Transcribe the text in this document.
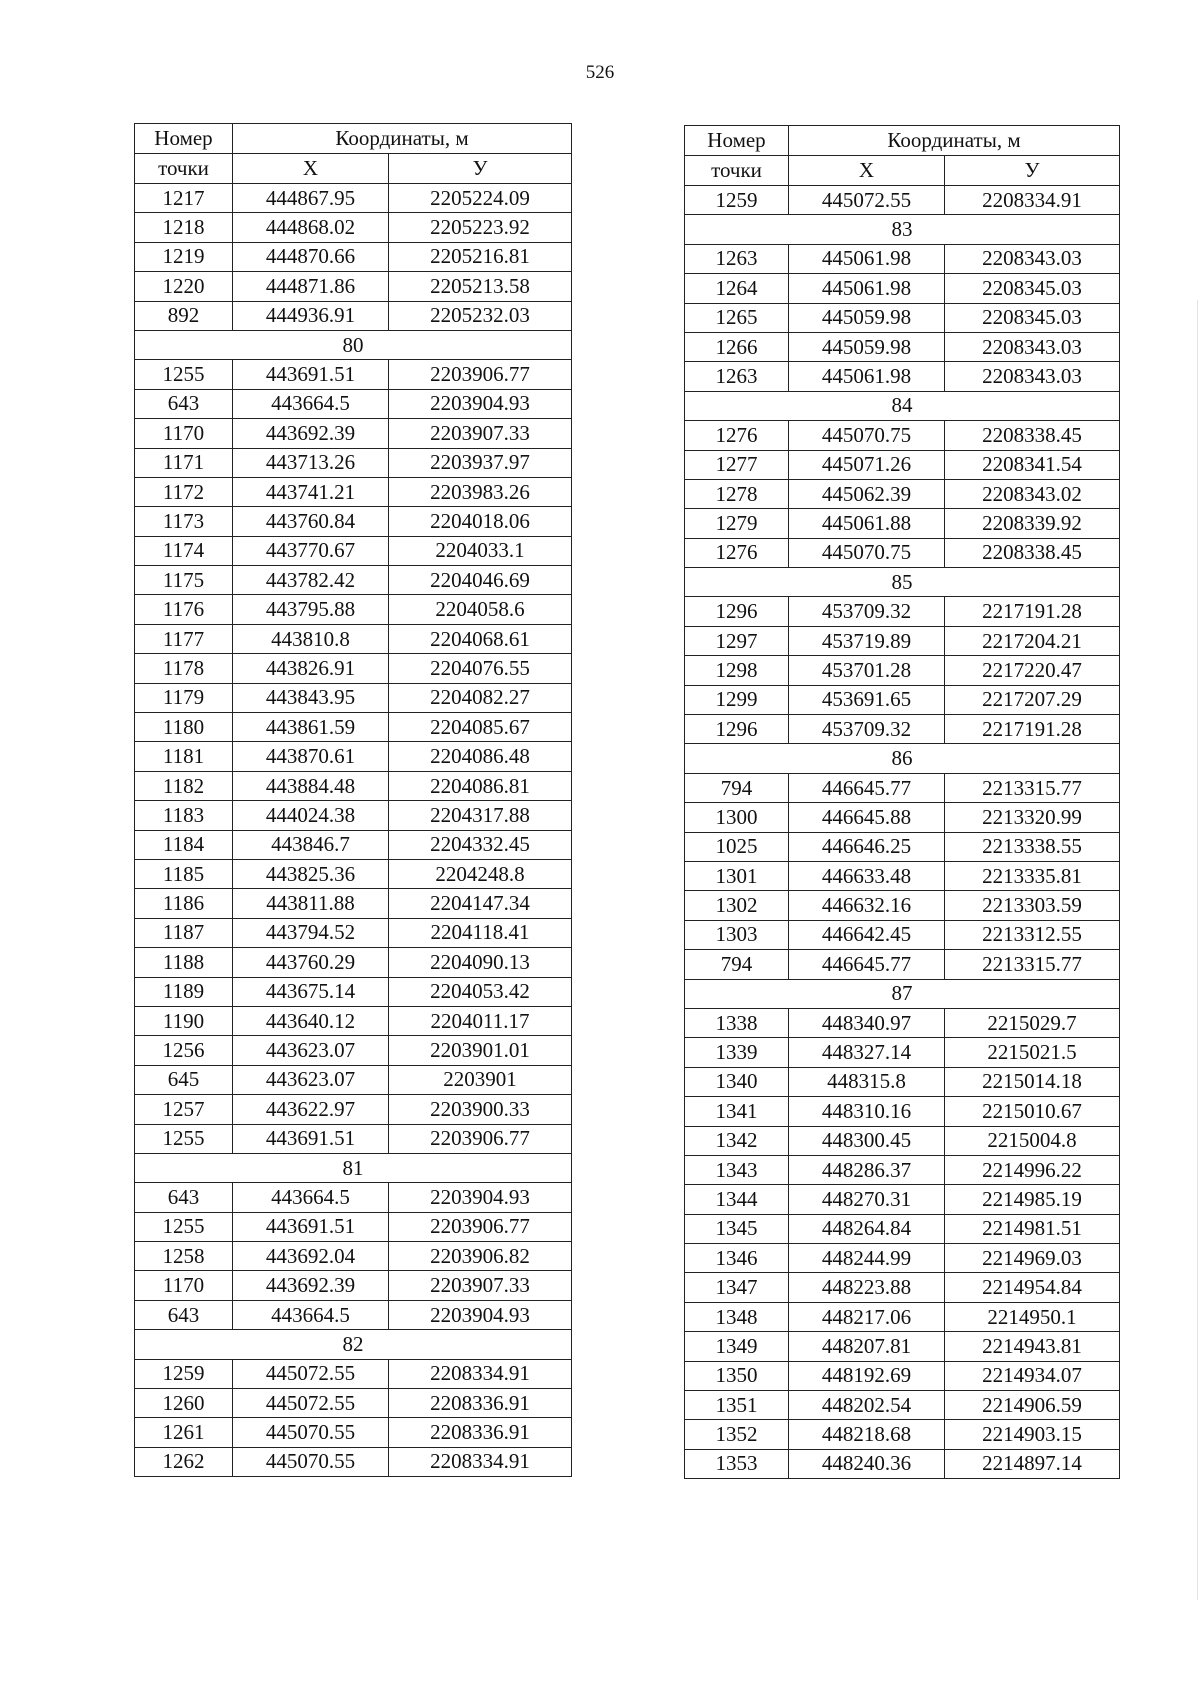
526
Номер	Координаты, м	
точки	X	У
1217	444867.95	2205224.09
1218	444868.02	2205223.92
1219	444870.66	2205216.81
1220	444871.86	2205213.58
892	444936.91	2205232.03
80		
1255	443691.51	2203906.77
643	443664.5	2203904.93
1170	443692.39	2203907.33
1171	443713.26	2203937.97
1172	443741.21	2203983.26
1173	443760.84	2204018.06
1174	443770.67	2204033.1
1175	443782.42	2204046.69
1176	443795.88	2204058.6
1177	443810.8	2204068.61
1178	443826.91	2204076.55
1179	443843.95	2204082.27
1180	443861.59	2204085.67
1181	443870.61	2204086.48
1182	443884.48	2204086.81
1183	444024.38	2204317.88
1184	443846.7	2204332.45
1185	443825.36	2204248.8
1186	443811.88	2204147.34
1187	443794.52	2204118.41
1188	443760.29	2204090.13
1189	443675.14	2204053.42
1190	443640.12	2204011.17
1256	443623.07	2203901.01
645	443623.07	2203901
1257	443622.97	2203900.33
1255	443691.51	2203906.77
81		
643	443664.5	2203904.93
1255	443691.51	2203906.77
1258	443692.04	2203906.82
1170	443692.39	2203907.33
643	443664.5	2203904.93
82		
1259	445072.55	2208334.91
1260	445072.55	2208336.91
1261	445070.55	2208336.91
1262	445070.55	2208334.91
Номер	Координаты, м	
точки	X	У
1259	445072.55	2208334.91
83		
1263	445061.98	2208343.03
1264	445061.98	2208345.03
1265	445059.98	2208345.03
1266	445059.98	2208343.03
1263	445061.98	2208343.03
84		
1276	445070.75	2208338.45
1277	445071.26	2208341.54
1278	445062.39	2208343.02
1279	445061.88	2208339.92
1276	445070.75	2208338.45
85		
1296	453709.32	2217191.28
1297	453719.89	2217204.21
1298	453701.28	2217220.47
1299	453691.65	2217207.29
1296	453709.32	2217191.28
86		
794	446645.77	2213315.77
1300	446645.88	2213320.99
1025	446646.25	2213338.55
1301	446633.48	2213335.81
1302	446632.16	2213303.59
1303	446642.45	2213312.55
794	446645.77	2213315.77
87		
1338	448340.97	2215029.7
1339	448327.14	2215021.5
1340	448315.8	2215014.18
1341	448310.16	2215010.67
1342	448300.45	2215004.8
1343	448286.37	2214996.22
1344	448270.31	2214985.19
1345	448264.84	2214981.51
1346	448244.99	2214969.03
1347	448223.88	2214954.84
1348	448217.06	2214950.1
1349	448207.81	2214943.81
1350	448192.69	2214934.07
1351	448202.54	2214906.59
1352	448218.68	2214903.15
1353	448240.36	2214897.14
